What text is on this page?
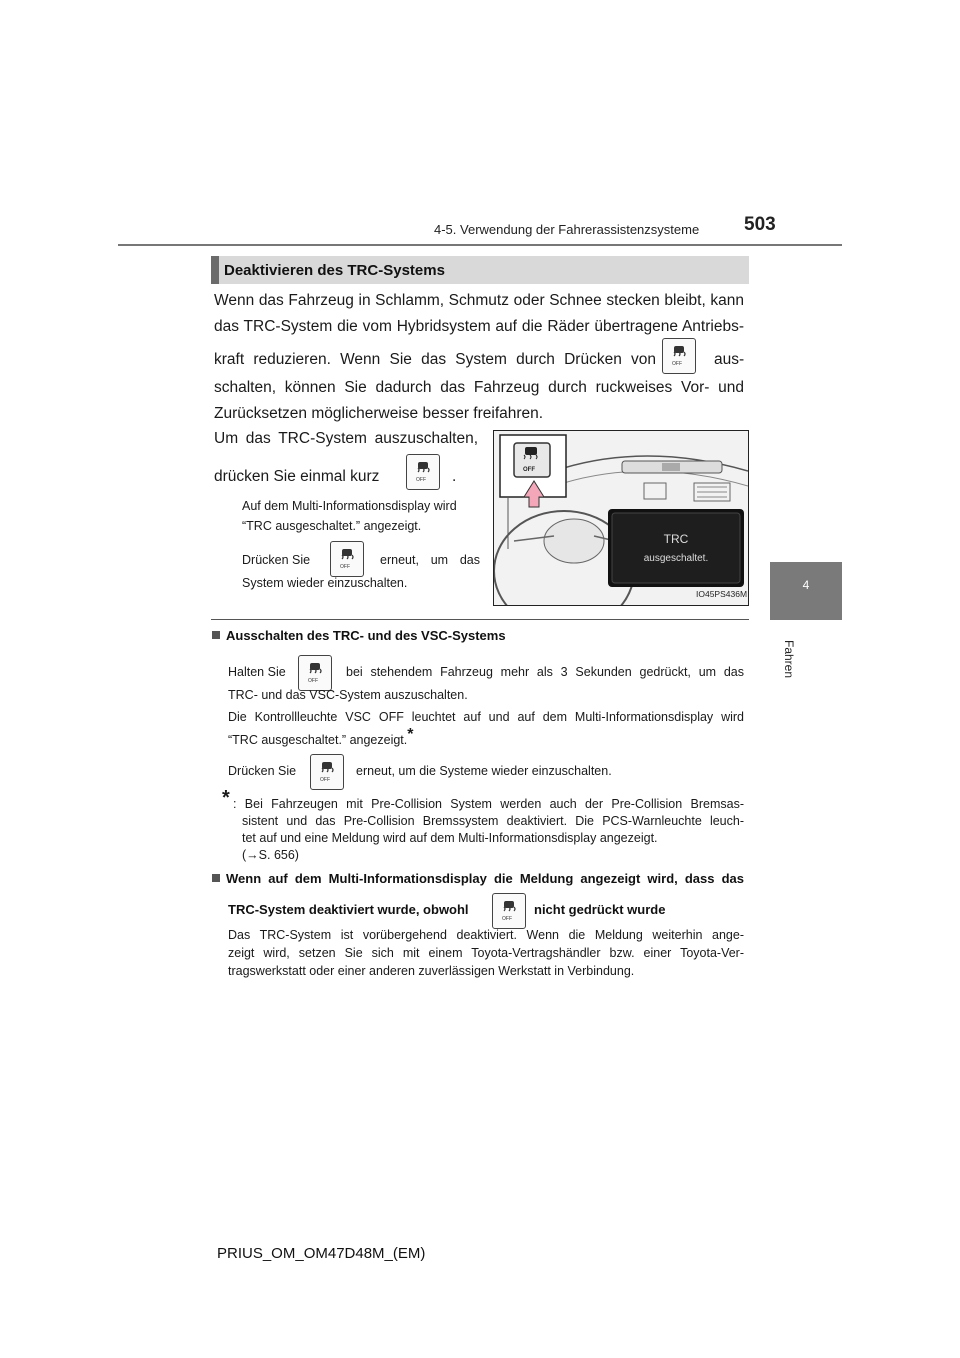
4-5. Verwendung der Fahrerassistenzsysteme 503
4
Fahren
Deaktivieren des TRC-Systems
Wenn das Fahrzeug in Schlamm, Schmutz oder Schnee stecken bleibt, kann
das TRC-System die vom Hybridsystem auf die Räder übertragene Antriebs-
kraft reduzieren. Wenn Sie das System durch Drücken von	OFF aus-
schalten, können Sie dadurch das Fahrzeug durch ruckweises Vor- und
Zurücksetzen möglicherweise besser freifahren.
Um das TRC-System auszuschalten,
drücken Sie einmal kurz	OFF .
Auf dem Multi-Informationsdisplay wird
“TRC ausgeschaltet.” angezeigt.
Drücken Sie	OFF erneut, um das
System wieder einzuschalten.
OFF
TRC
ausgeschaltet.
IO45PS436M
Ausschalten des TRC- und des VSC-Systems
Halten Sie
OFF
bei stehendem Fahrzeug mehr als 3 Sekunden gedrückt, um das
TRC- und das VSC-System auszuschalten.
Die Kontrollleuchte VSC OFF leuchtet auf und auf dem Multi-Informationsdisplay wird
“TRC ausgeschaltet.” angezeigt.*
Drücken Sie
OFF
erneut, um die Systeme wieder einzuschalten.
* : Bei Fahrzeugen mit Pre-Collision System werden auch der Pre-Collision Bremsas-
sistent und das Pre-Collision Bremssystem deaktiviert. Die PCS-Warnleuchte leuch-
tet auf und eine Meldung wird auf dem Multi-Informationsdisplay angezeigt.
(→S. 656)
Wenn auf dem Multi-Informationsdisplay die Meldung angezeigt wird, dass das
TRC-System deaktiviert wurde, obwohl
OFF
nicht gedrückt wurde
Das TRC-System ist vorübergehend deaktiviert. Wenn die Meldung weiterhin ange-
zeigt wird, setzen Sie sich mit einem Toyota-Vertragshändler bzw. einer Toyota-Ver-
tragswerkstatt oder einer anderen zuverlässigen Werkstatt in Verbindung.
PRIUS_OM_OM47D48M_(EM)
